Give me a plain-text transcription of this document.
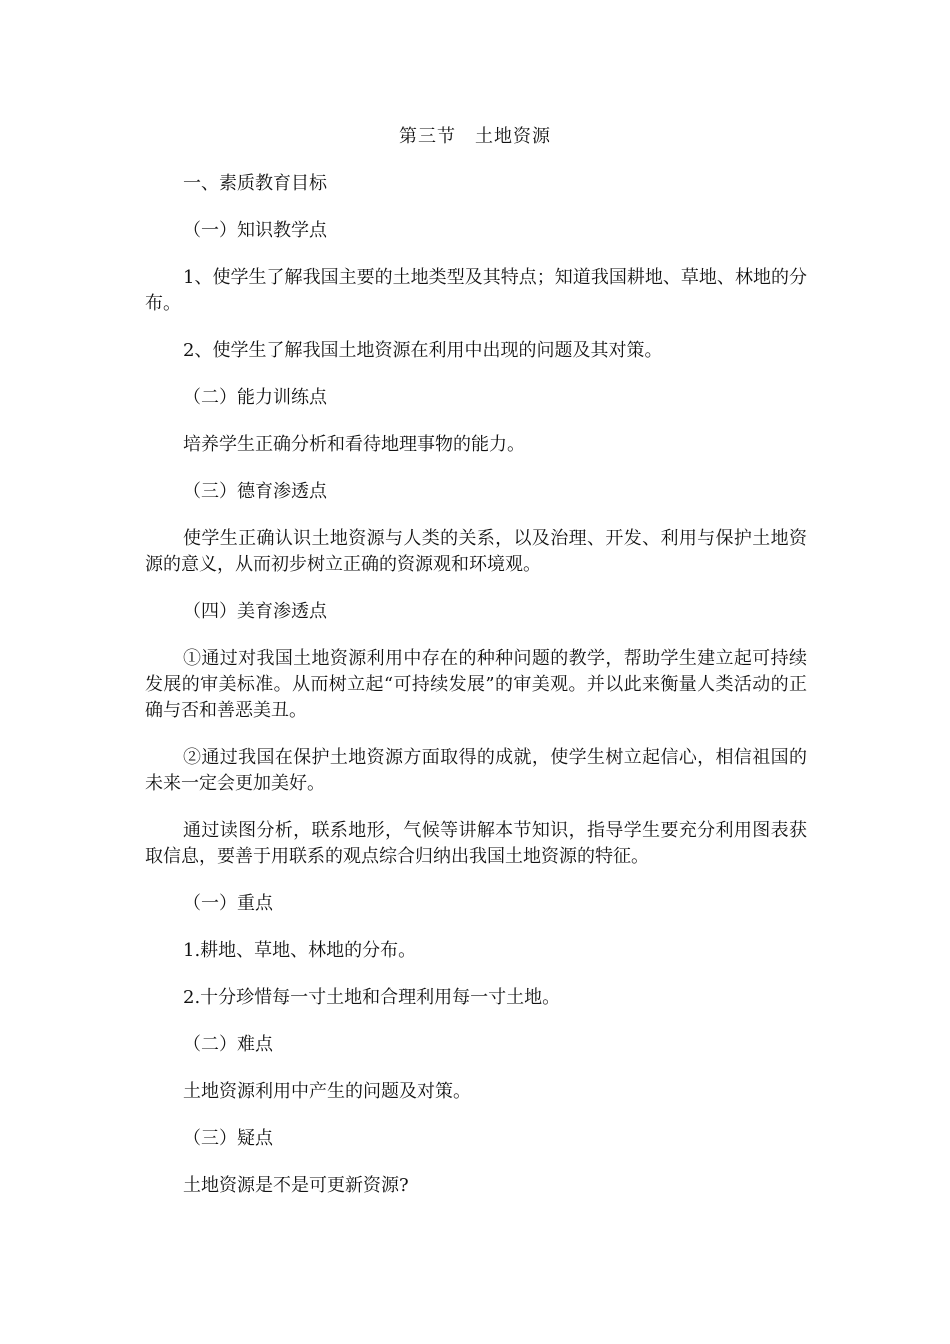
第三节　土地资源

一、素质教育目标

（一）知识教学点

1、使学生了解我国主要的土地类型及其特点；知道我国耕地、草地、林地的分布。

2、使学生了解我国土地资源在利用中出现的问题及其对策。

（二）能力训练点

培养学生正确分析和看待地理事物的能力。

（三）德育渗透点

使学生正确认识土地资源与人类的关系，以及治理、开发、利用与保护土地资源的意义，从而初步树立正确的资源观和环境观。

（四）美育渗透点

①通过对我国土地资源利用中存在的种种问题的教学，帮助学生建立起可持续发展的审美标准。从而树立起“可持续发展”的审美观。并以此来衡量人类活动的正确与否和善恶美丑。

②通过我国在保护土地资源方面取得的成就，使学生树立起信心，相信祖国的未来一定会更加美好。

通过读图分析，联系地形，气候等讲解本节知识，指导学生要充分利用图表获取信息，要善于用联系的观点综合归纳出我国土地资源的特征。

（一）重点

1.耕地、草地、林地的分布。

2.十分珍惜每一寸土地和合理利用每一寸土地。

（二）难点

土地资源利用中产生的问题及对策。

（三）疑点

土地资源是不是可更新资源?
